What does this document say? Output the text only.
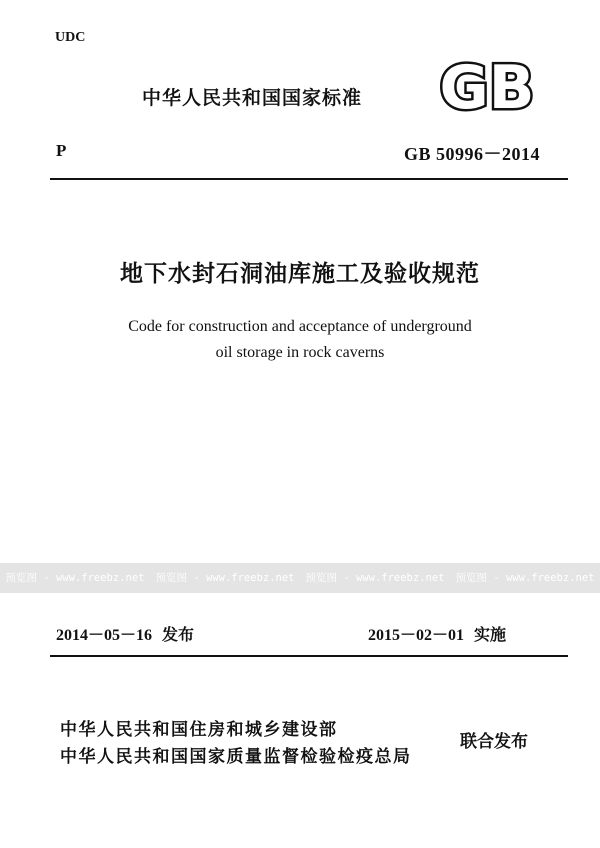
UDC
中华人民共和国国家标准 GB
P	GB 50996－2014
地下水封石洞油库施工及验收规范
Code for construction and acceptance of underground
oil storage in rock caverns
预览图 - www.freebz.net 预览图 - www.freebz.net 预览图 - www.freebz.net 预览图 - www.freebz.net
2014－05－16 发布	2015－02－01 实施
中华人民共和国住房和城乡建设部
中华人民共和国国家质量监督检验检疫总局
联合发布
